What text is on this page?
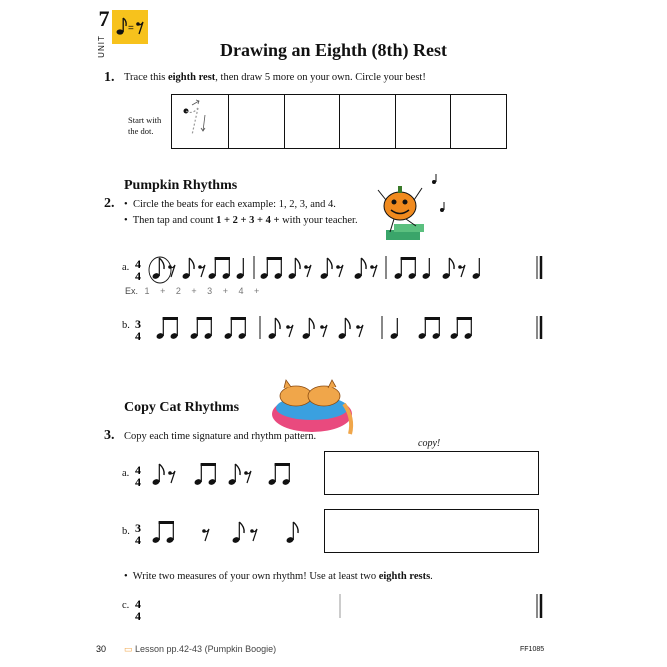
7
UNIT
=
Drawing an Eighth (8th) Rest
1. Trace this eighth rest, then draw 5 more on your own. Circle your best!
Start with the dot.
Pumpkin Rhythms
2. •  Circle the beats for each example: 1, 2, 3, and 4.
•  Then tap and count 1 + 2 + 3 + 4 + with your teacher.
a. 4
4
Ex. 1 + 2 + 3 + 4 +
b. 3
4
Copy Cat Rhythms
3. Copy each time signature and rhythm pattern.
copy!
a. 4
4
b. 3
4
•  Write two measures of your own rhythm! Use at least two eighth rests.
c. 4
4
30 ▭ Lesson pp.42-43 (Pumpkin Boogie)	FF1085
